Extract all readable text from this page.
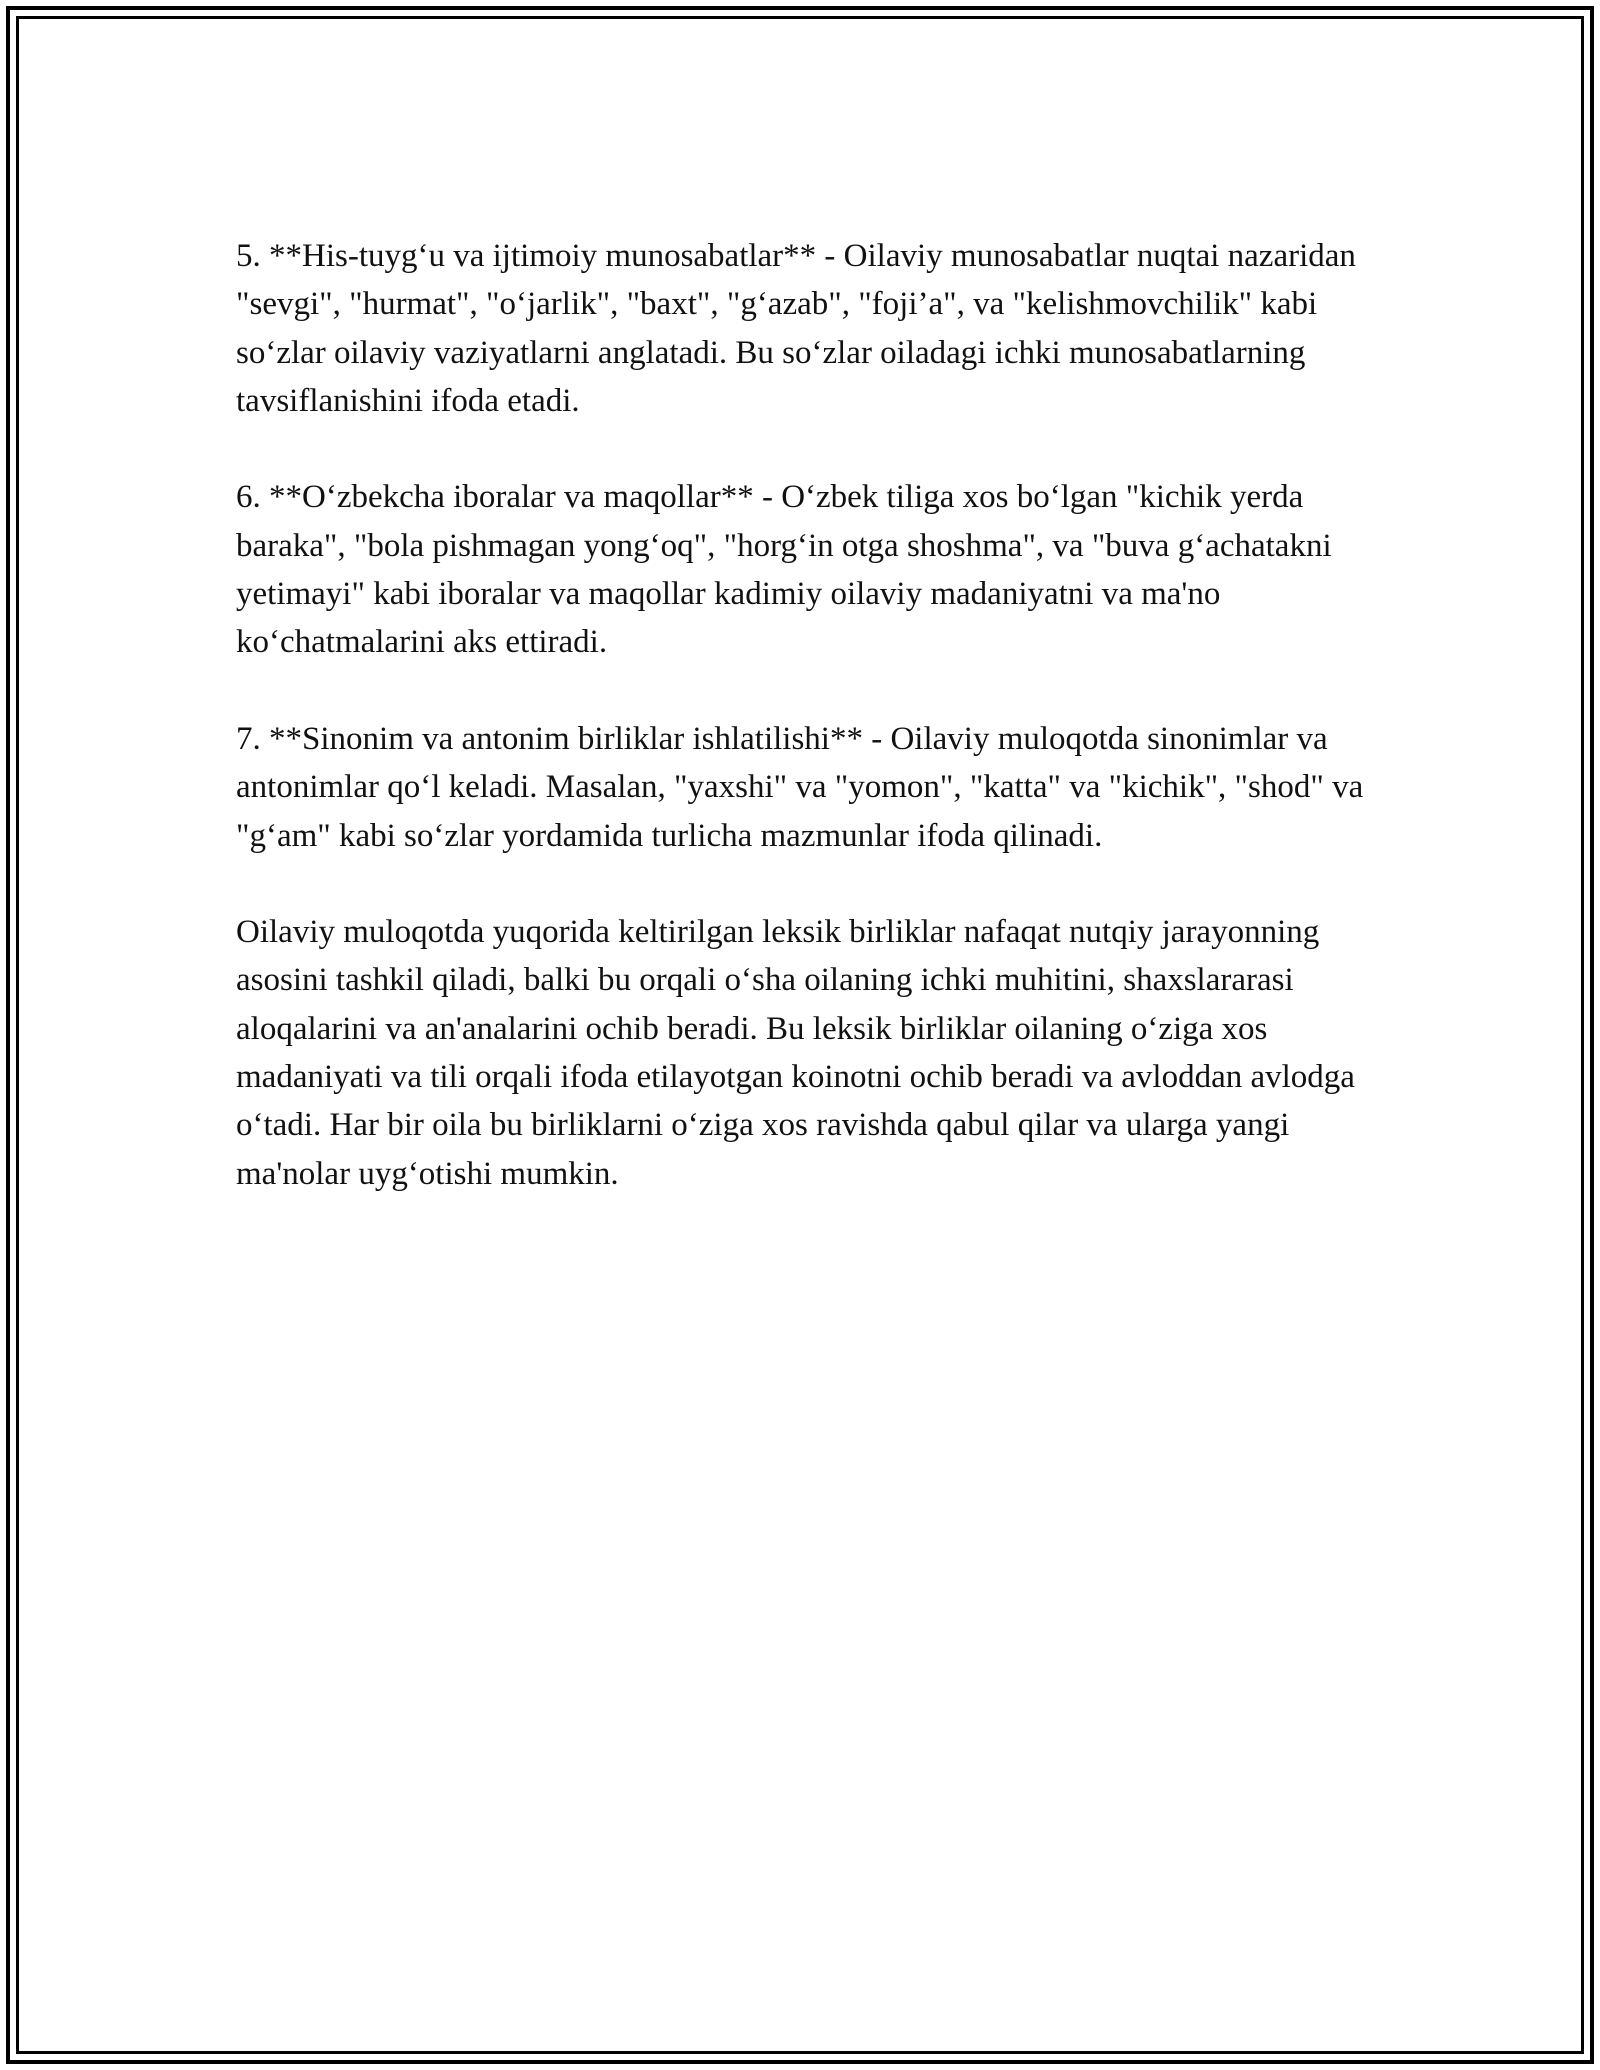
5. **His-tuyg‘u va ijtimoiy munosabatlar** - Oilaviy munosabatlar nuqtai nazaridan "sevgi", "hurmat", "o‘jarlik", "baxt", "g‘azab", "foji’a", va "kelishmovchilik" kabi so‘zlar oilaviy vaziyatlarni anglatadi. Bu so‘zlar oiladagi ichki munosabatlarning tavsiflanishini ifoda etadi.

6. **O‘zbekcha iboralar va maqollar** - O‘zbek tiliga xos bo‘lgan "kichik yerda baraka", "bola pishmagan yong‘oq", "horg‘in otga shoshma", va "buva g‘achatakni yetimayi" kabi iboralar va maqollar kadimiy oilaviy madaniyatni va ma'no ko‘chatmalarini aks ettiradi.

7. **Sinonim va antonim birliklar ishlatilishi** - Oilaviy muloqotda sinonimlar va antonimlar qo‘l keladi. Masalan, "yaxshi" va "yomon", "katta" va "kichik", "shod" va "g‘am" kabi so‘zlar yordamida turlicha mazmunlar ifoda qilinadi.

Oilaviy muloqotda yuqorida keltirilgan leksik birliklar nafaqat nutqiy jarayonning asosini tashkil qiladi, balki bu orqali o‘sha oilaning ichki muhitini, shaxslararasi aloqalarini va an'analarini ochib beradi. Bu leksik birliklar oilaning o‘ziga xos madaniyati va tili orqali ifoda etilayotgan koinotni ochib beradi va avloddan avlodga o‘tadi. Har bir oila bu birliklarni o‘ziga xos ravishda qabul qilar va ularga yangi ma'nolar uyg‘otishi mumkin.
